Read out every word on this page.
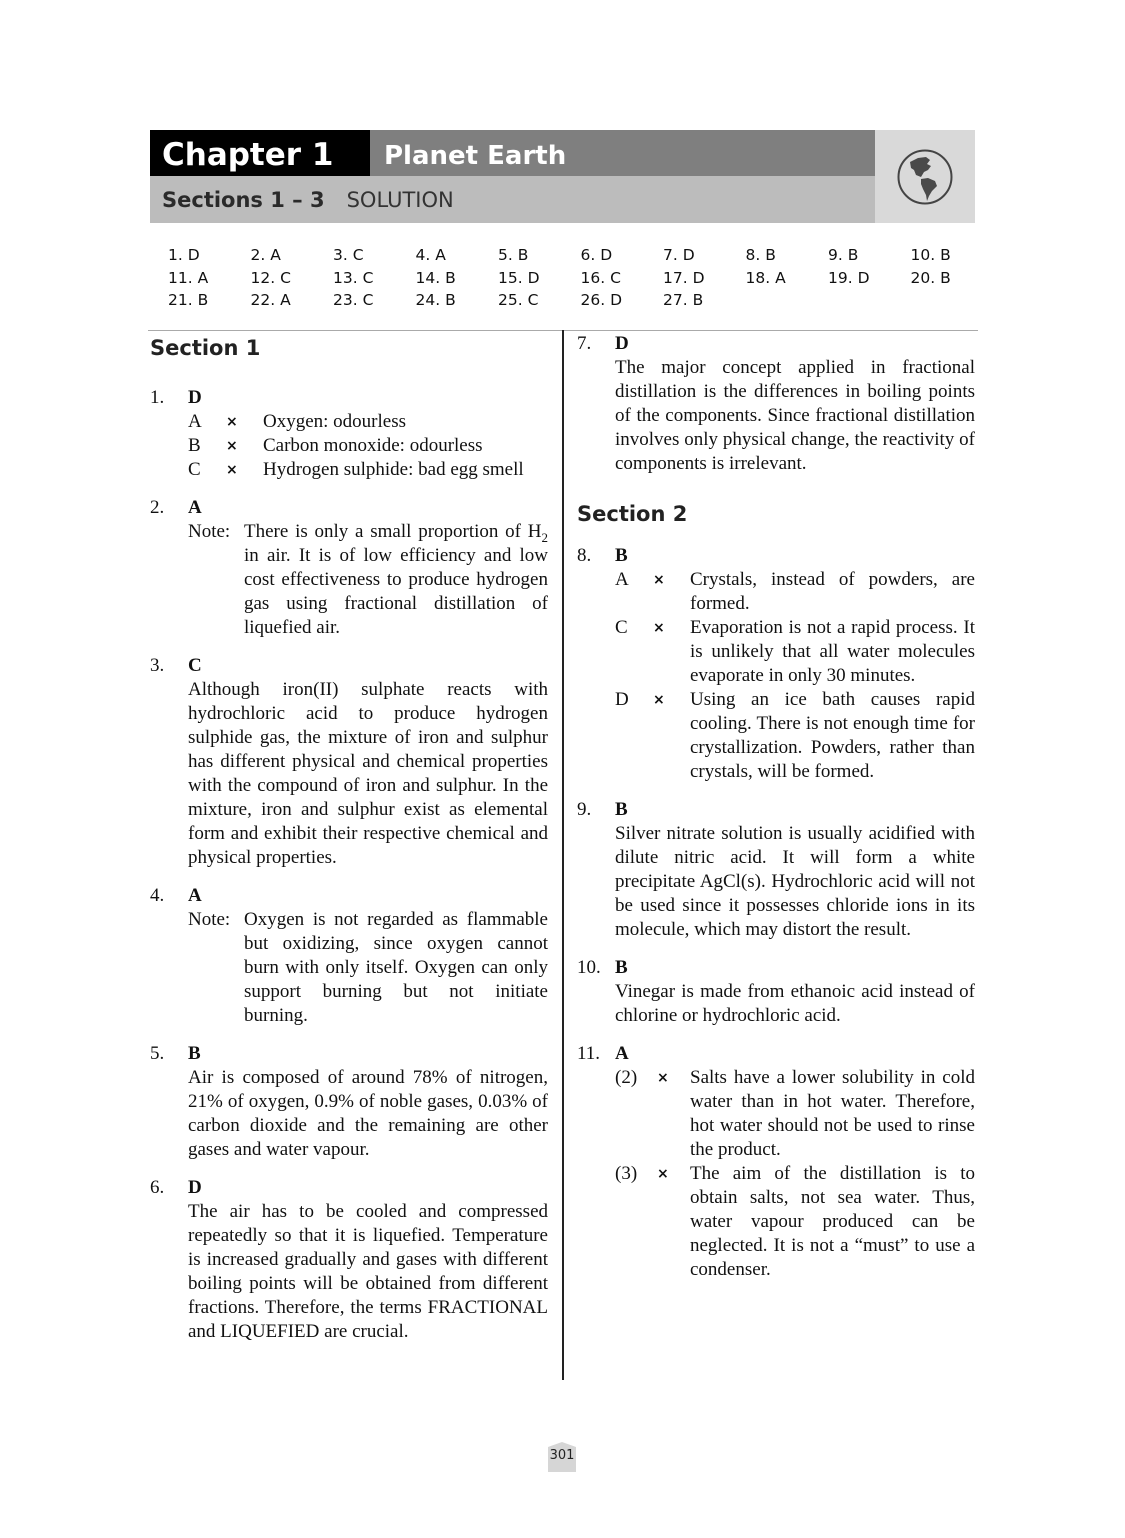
Chapter 1	Planet Earth
Sections 1 – 3 SOLUTION
1. D	2. A	3. C	4. A	5. B	6. D	7. D	8. B	9. B	10. B
11. A	12. C	13. C	14. B	15. D	16. C	17. D	18. A	19. D	20. B
21. B	22. A	23. C	24. B	25. C	26. D	27. B
Section 1
1. D
A × Oxygen: odourless
B × Carbon monoxide: odourless
C × Hydrogen sulphide: bad egg smell
2. A
Note: There is only a small proportion of $H_2$ in air. It is of low efficiency and low cost effectiveness to produce hydrogen gas using fractional distillation of liquefied air.
3. C
Although iron(II) sulphate reacts with hydrochloric acid to produce hydrogen sulphide gas, the mixture of iron and sulphur has different physical and chemical properties with the compound of iron and sulphur. In the mixture, iron and sulphur exist as elemental form and exhibit their respective chemical and physical properties.
4. A
Note: Oxygen is not regarded as flammable but oxidizing, since oxygen cannot burn with only itself. Oxygen can only support burning but not initiate burning.
5. B
Air is composed of around 78% of nitrogen, 21% of oxygen, 0.9% of noble gases, 0.03% of carbon dioxide and the remaining are other gases and water vapour.
6. D
The air has to be cooled and compressed repeatedly so that it is liquefied. Temperature is increased gradually and gases with different boiling points will be obtained from different fractions. Therefore, the terms FRACTIONAL and LIQUEFIED are crucial.
7. D
The major concept applied in fractional distillation is the differences in boiling points of the components. Since fractional distillation involves only physical change, the reactivity of components is irrelevant.
Section 2
8. B
A × Crystals, instead of powders, are formed.
C × Evaporation is not a rapid process. It is unlikely that all water molecules evaporate in only 30 minutes.
D × Using an ice bath causes rapid cooling. There is not enough time for crystallization. Powders, rather than crystals, will be formed.
9. B
Silver nitrate solution is usually acidified with dilute nitric acid. It will form a white precipitate AgCl(s). Hydrochloric acid will not be used since it possesses chloride ions in its molecule, which may distort the result.
10. B
Vinegar is made from ethanoic acid instead of chlorine or hydrochloric acid.
11. A
(2) × Salts have a lower solubility in cold water than in hot water. Therefore, hot water should not be used to rinse the product.
(3) × The aim of the distillation is to obtain salts, not sea water. Thus, water vapour produced can be neglected. It is not a “must” to use a condenser.
301
